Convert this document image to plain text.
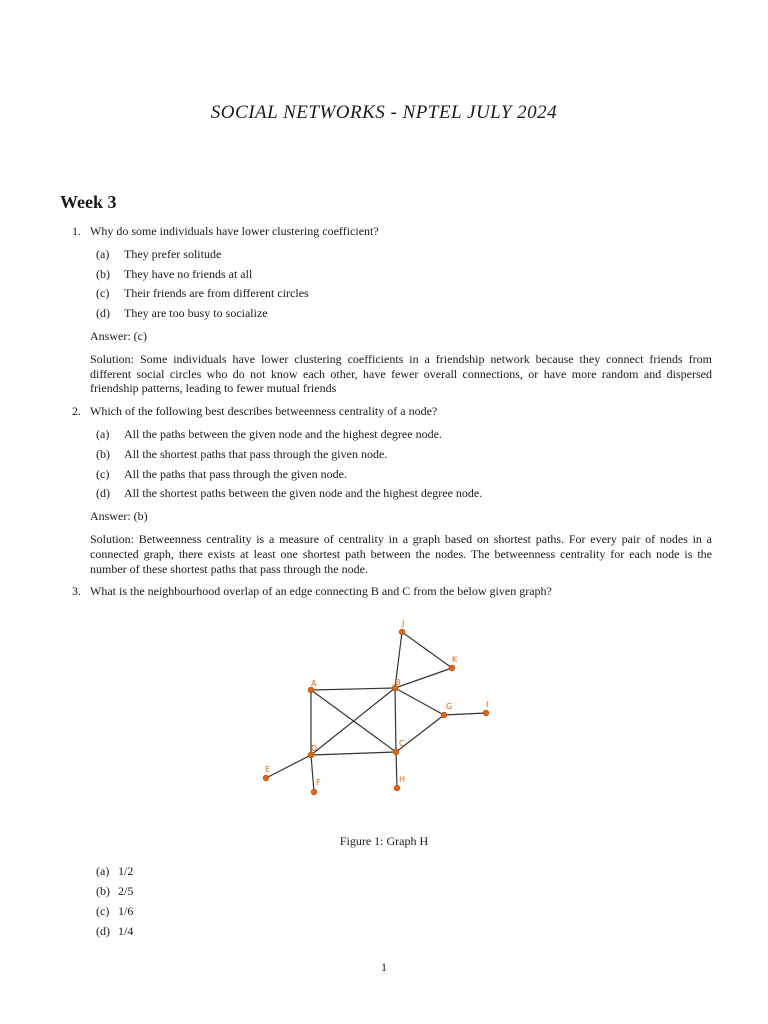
SOCIAL NETWORKS - NPTEL JULY 2024
Week 3
1. Why do some individuals have lower clustering coefficient?
(a)	They prefer solitude
(b)	They have no friends at all
(c)	Their friends are from different circles
(d)	They are too busy to socialize
Answer: (c)
Solution: Some individuals have lower clustering coefficients in a friendship network because they connect friends from different social circles who do not know each other, have fewer overall connections, or have more random and dispersed friendship patterns, leading to fewer mutual friends
2. Which of the following best describes betweenness centrality of a node?
(a)	All the paths between the given node and the highest degree node.
(b)	All the shortest paths that pass through the given node.
(c)	All the paths that pass through the given node.
(d)	All the shortest paths between the given node and the highest degree node.
Answer: (b)
Solution: Betweenness centrality is a measure of centrality in a graph based on shortest paths. For every pair of nodes in a connected graph, there exists at least one shortest path between the nodes. The betweenness centrality for each node is the number of these shortest paths that pass through the node.
3. What is the neighbourhood overlap of an edge connecting B and C from the below given graph?
A	B
C
D
E
F
G
H
I
J
K
Figure 1: Graph H
(a) 1/2
(b) 2/5
(c) 1/6
(d) 1/4
1
